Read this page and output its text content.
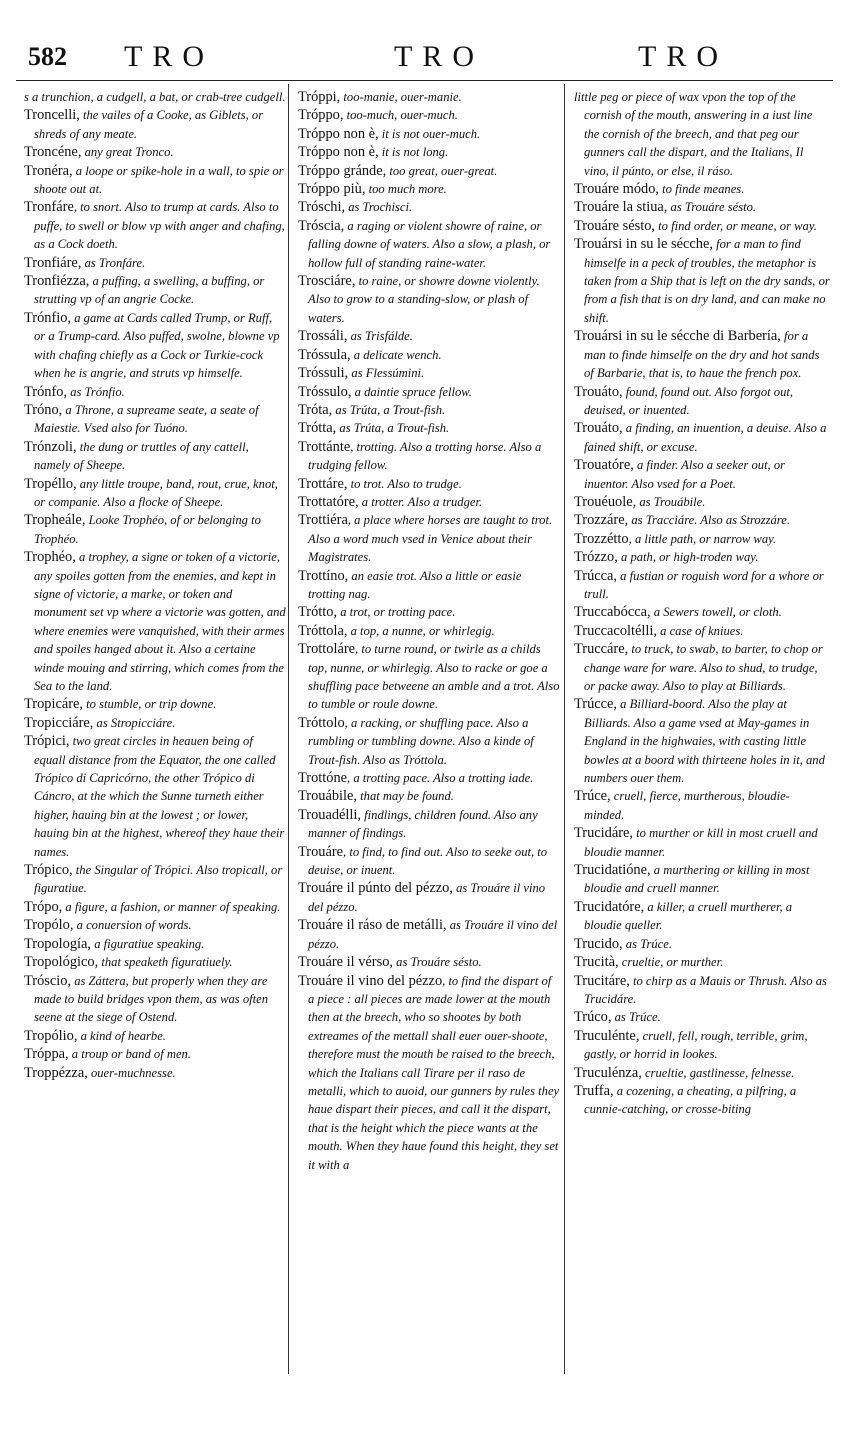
582 TRO	TRO	TRO

s a trunchion, a cudgell, a bat, or crab-tree cudgell.

Troncelli, the vailes of a Cooke, as Giblets, or shreds of any meate.

Troncéne, any great Tronco.

Tronéra, a loope or spike-hole in a wall, to spie or shoote out at.

Tronfáre, to snort. Also to trump at cards. Also to puffe, to swell or blow vp with anger and chafing, as a Cock doeth.

Tronfiáre, as Tronfáre.

Tronfiézza, a puffing, a swelling, a buffing, or strutting vp of an angrie Cocke.

Trónfio, a game at Cards called Trump, or Ruff, or a Trump-card. Also puffed, swolne, blowne vp with chafing chiefly as a Cock or Turkie-cock when he is angrie, and struts vp himselfe.

Trónfo, as Trónfio.

Tróno, a Throne, a supreame seate, a seate of Maiestie. Vsed also for Tuóno.

Trónzoli, the dung or truttles of any cattell, namely of Sheepe.

Tropéllo, any little troupe, band, rout, crue, knot, or companie. Also a flocke of Sheepe.

Tropheále, Looke Trophéo, of or belonging to Trophéo.

Trophéo, a trophey, a signe or token of a victorie, any spoiles gotten from the enemies, and kept in signe of victorie, a marke, or token and monument set vp where a victorie was gotten, and where enemies were vanquished, with their armes and spoiles hanged about it. Also a certaine winde mouing and stirring, which comes from the Sea to the land.

Tropicáre, to stumble, or trip downe.

Tropicciáre, as Stropicciáre.

Trópici, two great circles in heauen being of equall distance from the Equator, the one called Trópico di Capricórno, the other Trópico di Cáncro, at the which the Sunne turneth either higher, hauing bin at the lowest ; or lower, hauing bin at the highest, whereof they haue their names.

Trópico, the Singular of Trópici. Also tropicall, or figuratiue.

Trópo, a figure, a fashion, or manner of speaking.

Tropólo, a conuersion of words.

Tropología, a figuratiue speaking.

Tropológico, that speaketh figuratiuely.

Tróscio, as Záttera, but properly when they are made to build bridges vpon them, as was often seene at the siege of Ostend.

Tropólio, a kind of hearbe.

Tróppa, a troup or band of men.

Troppézza, ouer-muchnesse.

Tróppi, too-manie, ouer-manie.

Tróppo, too-much, ouer-much.

Tróppo non è, it is not ouer-much.

Tróppo non è, it is not long.

Tróppo gránde, too great, ouer-great.

Tróppo più, too much more.

Tróschi, as Trochisci.

Tróscia, a raging or violent showre of raine, or falling downe of waters. Also a slow, a plash, or hollow full of standing raine-water.

Trosciáre, to raine, or showre downe violently. Also to grow to a standing-slow, or plash of waters.

Trossáli, as Trisfálde.

Tróssula, a delicate wench.

Tróssuli, as Flessúmini.

Tróssulo, a daintie spruce fellow.

Tróta, as Trúta, a Trout-fish.

Trótta, as Trúta, a Trout-fish.

Trottánte, trotting. Also a trotting horse. Also a trudging fellow.

Trottáre, to trot. Also to trudge.

Trottatóre, a trotter. Also a trudger.

Trottiéra, a place where horses are taught to trot. Also a word much vsed in Venice about their Magistrates.

Trottíno, an easie trot. Also a little or easie trotting nag.

Trótto, a trot, or trotting pace.

Tróttola, a top, a nunne, or whirlegig.

Trottoláre, to turne round, or twirle as a childs top, nunne, or whirlegig. Also to racke or goe a shuffling pace betweene an amble and a trot. Also to tumble or roule downe.

Tróttolo, a racking, or shuffling pace. Also a rumbling or tumbling downe. Also a kinde of Trout-fish. Also as Tróttola.

Trottóne, a trotting pace. Also a trotting iade.

Trouábile, that may be found.

Trouadélli, findlings, children found. Also any manner of findings.

Trouáre, to find, to find out. Also to seeke out, to deuise, or inuent.

Trouáre il púnto del pézzo, as Trouáre il vino del pézzo.

Trouáre il ráso de metálli, as Trouáre il vino del pézzo.

Trouáre il vérso, as Trouáre sésto.

Trouáre il vino del pézzo, to find the dispart of a piece : all pieces are made lower at the mouth then at the breech, who so shootes by both extreames of the mettall shall euer ouer-shoote, therefore must the mouth be raised to the breech, which the Italians call Tirare per il raso de metalli, which to auoid, our gunners by rules they haue dispart their pieces, and call it the dispart, that is the height which the piece wants at the mouth. When they haue found this height, they set it with a

little peg or piece of wax vpon the top of the cornish of the mouth, answering in a iust line the cornish of the breech, and that peg our gunners call the dispart, and the Italians, Il vino, il púnto, or else, il ráso.

Trouáre módo, to finde meanes.

Trouáre la stiua, as Trouáre sésto.

Trouáre sésto, to find order, or meane, or way.

Trouársi in su le sécche, for a man to find himselfe in a peck of troubles, the metaphor is taken from a Ship that is left on the dry sands, or from a fish that is on dry land, and can make no shift.

Trouársi in su le sécche di Barbería, for a man to finde himselfe on the dry and hot sands of Barbarie, that is, to haue the french pox.

Trouáto, found, found out. Also forgot out, deuised, or inuented.

Trouáto, a finding, an inuention, a deuise. Also a fained shift, or excuse.

Trouatóre, a finder. Also a seeker out, or inuentor. Also vsed for a Poet.

Trouéuole, as Trouábile.

Trozzáre, as Tracciáre. Also as Strozzáre.

Trozzétto, a little path, or narrow way.

Trózzo, a path, or high-troden way.

Trúcca, a fustian or roguish word for a whore or trull.

Truccabócca, a Sewers towell, or cloth.

Truccacoltélli, a case of kniues.

Truccáre, to truck, to swab, to barter, to chop or change ware for ware. Also to shud, to trudge, or packe away. Also to play at Billiards.

Trúcce, a Billiard-boord. Also the play at Billiards. Also a game vsed at May-games in England in the highwaies, with casting little bowles at a boord with thirteene holes in it, and numbers ouer them.

Trúce, cruell, fierce, murtherous, bloudie-minded.

Trucidáre, to murther or kill in most cruell and bloudie manner.

Trucidatióne, a murthering or killing in most bloudie and cruell manner.

Trucidatóre, a killer, a cruell murtherer, a bloudie queller.

Trucido, as Trúce.

Trucità, crueltie, or murther.

Trucitáre, to chirp as a Mauis or Thrush. Also as Trucidáre.

Trúco, as Trúce.

Truculénte, cruell, fell, rough, terrible, grim, gastly, or horrid in lookes.

Truculénza, crueltie, gastlinesse, felnesse.

Truffa, a cozening, a cheating, a pilfring, a cunnie-catching, or crosse-biting
